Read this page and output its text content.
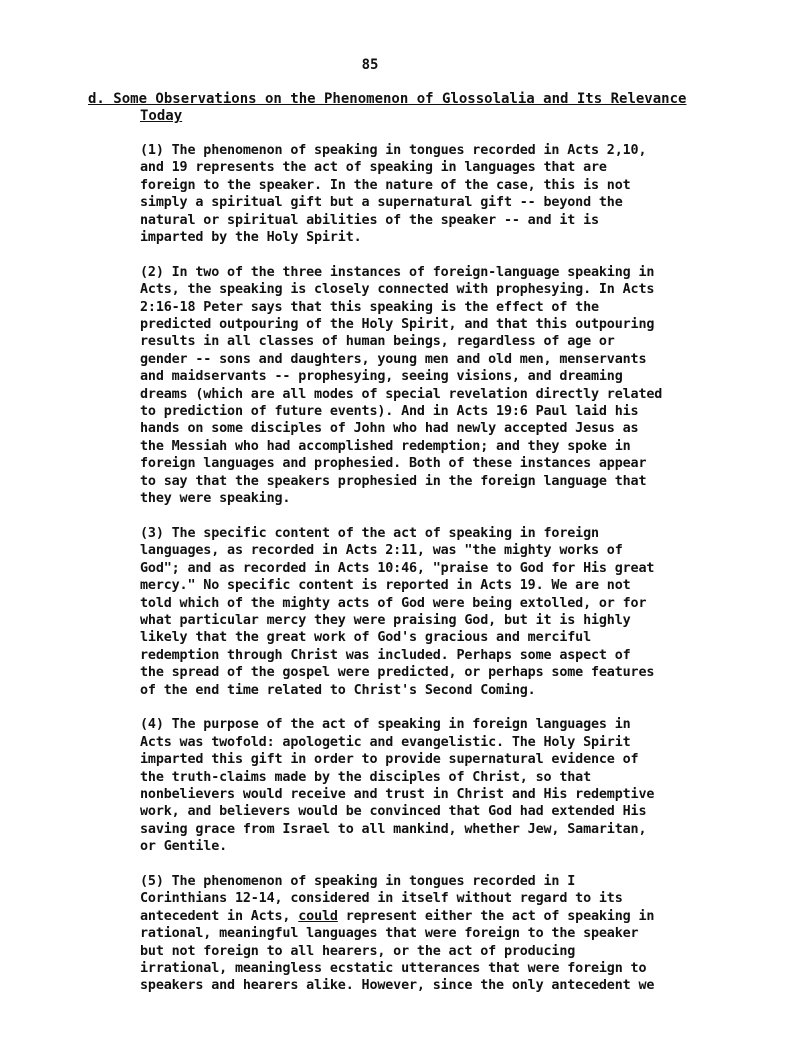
85
d. Some Observations on the Phenomenon of Glossolalia and Its Relevance
Today

(1) The phenomenon of speaking in tongues recorded in Acts 2,10,
and 19 represents the act of speaking in languages that are
foreign to the speaker. In the nature of the case, this is not
simply a spiritual gift but a supernatural gift -- beyond the
natural or spiritual abilities of the speaker -- and it is
imparted by the Holy Spirit.

(2) In two of the three instances of foreign-language speaking in
Acts, the speaking is closely connected with prophesying. In Acts
2:16-18 Peter says that this speaking is the effect of the
predicted outpouring of the Holy Spirit, and that this outpouring
results in all classes of human beings, regardless of age or
gender -- sons and daughters, young men and old men, menservants
and maidservants -- prophesying, seeing visions, and dreaming
dreams (which are all modes of special revelation directly related
to prediction of future events). And in Acts 19:6 Paul laid his
hands on some disciples of John who had newly accepted Jesus as
the Messiah who had accomplished redemption; and they spoke in
foreign languages and prophesied. Both of these instances appear
to say that the speakers prophesied in the foreign language that
they were speaking.

(3) The specific content of the act of speaking in foreign
languages, as recorded in Acts 2:11, was "the mighty works of
God"; and as recorded in Acts 10:46, "praise to God for His great
mercy." No specific content is reported in Acts 19. We are not
told which of the mighty acts of God were being extolled, or for
what particular mercy they were praising God, but it is highly
likely that the great work of God's gracious and merciful
redemption through Christ was included. Perhaps some aspect of
the spread of the gospel were predicted, or perhaps some features
of the end time related to Christ's Second Coming.

(4) The purpose of the act of speaking in foreign languages in
Acts was twofold: apologetic and evangelistic. The Holy Spirit
imparted this gift in order to provide supernatural evidence of
the truth-claims made by the disciples of Christ, so that
nonbelievers would receive and trust in Christ and His redemptive
work, and believers would be convinced that God had extended His
saving grace from Israel to all mankind, whether Jew, Samaritan,
or Gentile.

(5) The phenomenon of speaking in tongues recorded in I
Corinthians 12-14, considered in itself without regard to its
antecedent in Acts, could represent either the act of speaking in
rational, meaningful languages that were foreign to the speaker
but not foreign to all hearers, or the act of producing
irrational, meaningless ecstatic utterances that were foreign to
speakers and hearers alike. However, since the only antecedent we
